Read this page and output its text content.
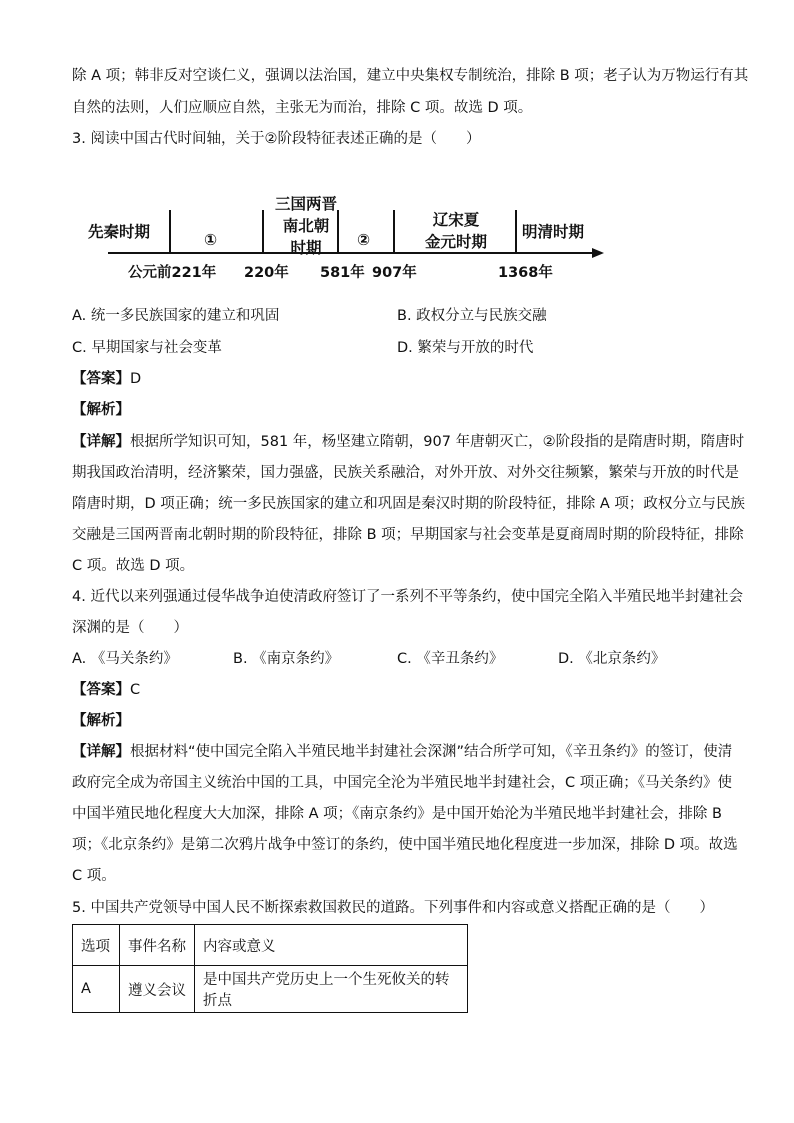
除 A 项；韩非反对空谈仁义，强调以法治国，建立中央集权专制统治，排除 B 项；老子认为万物运行有其
自然的法则，人们应顺应自然，主张无为而治，排除 C 项。故选 D 项。
3. 阅读中国古代时间轴，关于②阶段特征表述正确的是（　　）
先秦时期	①
三国两晋
南北朝
时期	②
辽宋夏
金元时期
明清时期
公元前221年 220年 581年 907年	1368年
A. 统一多民族国家的建立和巩固	B. 政权分立与民族交融
C. 早期国家与社会变革	D. 繁荣与开放的时代
【答案】D
【解析】
【详解】根据所学知识可知，581 年，杨坚建立隋朝，907 年唐朝灭亡，②阶段指的是隋唐时期，隋唐时
期我国政治清明，经济繁荣，国力强盛，民族关系融洽，对外开放、对外交往频繁，繁荣与开放的时代是
隋唐时期，D 项正确；统一多民族国家的建立和巩固是秦汉时期的阶段特征，排除 A 项；政权分立与民族
交融是三国两晋南北朝时期的阶段特征，排除 B 项；早期国家与社会变革是夏商周时期的阶段特征，排除
C 项。故选 D 项。
4. 近代以来列强通过侵华战争迫使清政府签订了一系列不平等条约，使中国完全陷入半殖民地半封建社会
深渊的是（　　）
A. 《马关条约》	B. 《南京条约》	C. 《辛丑条约》	D. 《北京条约》
【答案】C
【解析】
【详解】根据材料“使中国完全陷入半殖民地半封建社会深渊”结合所学可知，《辛丑条约》的签订，使清
政府完全成为帝国主义统治中国的工具，中国完全沦为半殖民地半封建社会，C 项正确；《马关条约》使
中国半殖民地化程度大大加深，排除 A 项；《南京条约》是中国开始沦为半殖民地半封建社会，排除 B
项；《北京条约》是第二次鸦片战争中签订的条约，使中国半殖民地化程度进一步加深，排除 D 项。故选
C 项。
5. 中国共产党领导中国人民不断探索救国救民的道路。下列事件和内容或意义搭配正确的是（　　）
选项	事件名称	内容或意义
A	遵义会议	是中国共产党历史上一个生死攸关的转折点
